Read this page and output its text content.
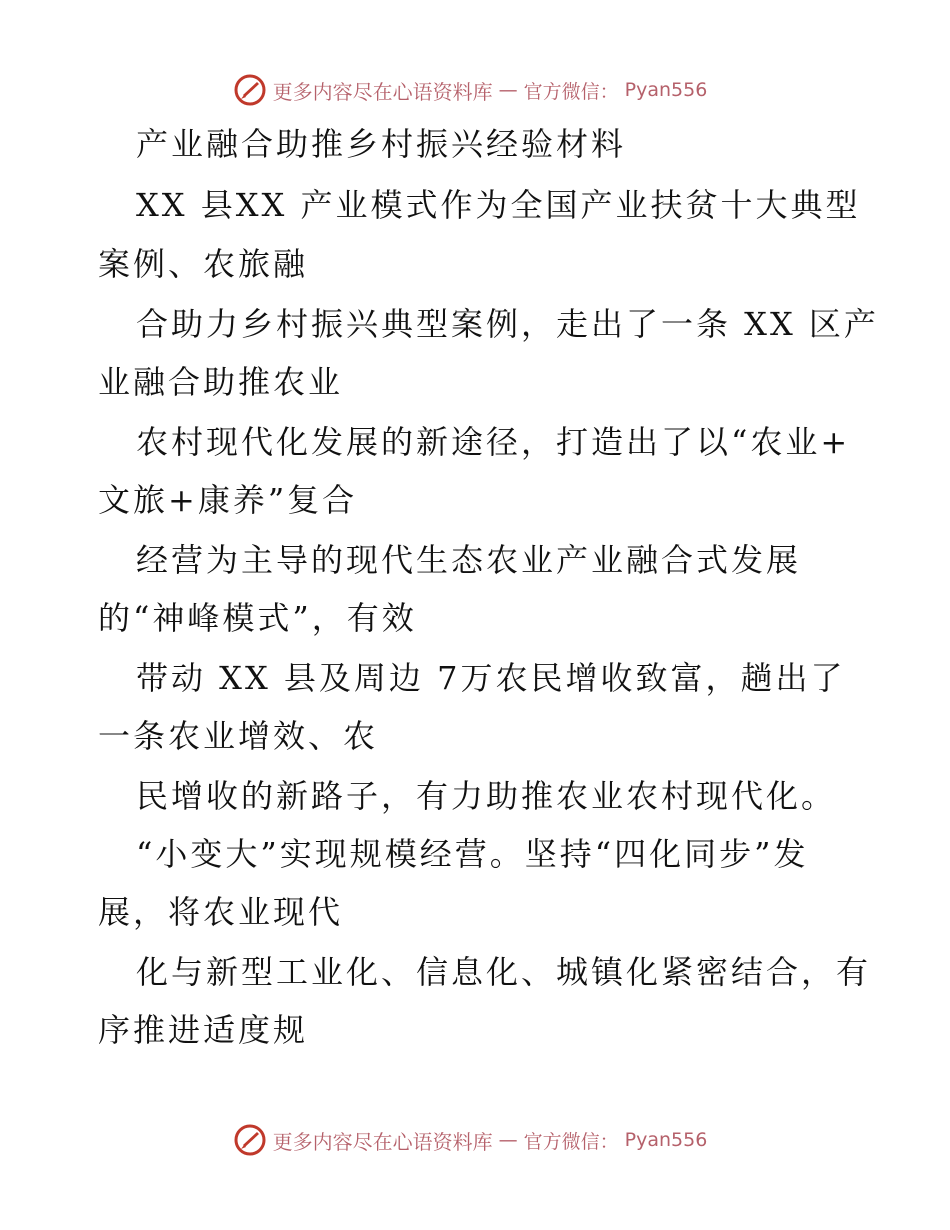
更多内容尽在心语资料库 — 官方微信： Pyan556
产业融合助推乡村振兴经验材料
XX 县XX 产业模式作为全国产业扶贫十大典型
案例、农旅融
合助力乡村振兴典型案例，走出了一条 XX 区产
业融合助推农业
农村现代化发展的新途径，打造出了以“农业+
文旅+康养”复合
经营为主导的现代生态农业产业融合式发展
的“神峰模式”，有效
带动 XX 县及周边 7万农民增收致富，趟出了
一条农业增效、农
民增收的新路子，有力助推农业农村现代化。
“小变大”实现规模经营。坚持“四化同步”发
展，将农业现代
化与新型工业化、信息化、城镇化紧密结合，有
序推进适度规
更多内容尽在心语资料库 — 官方微信： Pyan556
